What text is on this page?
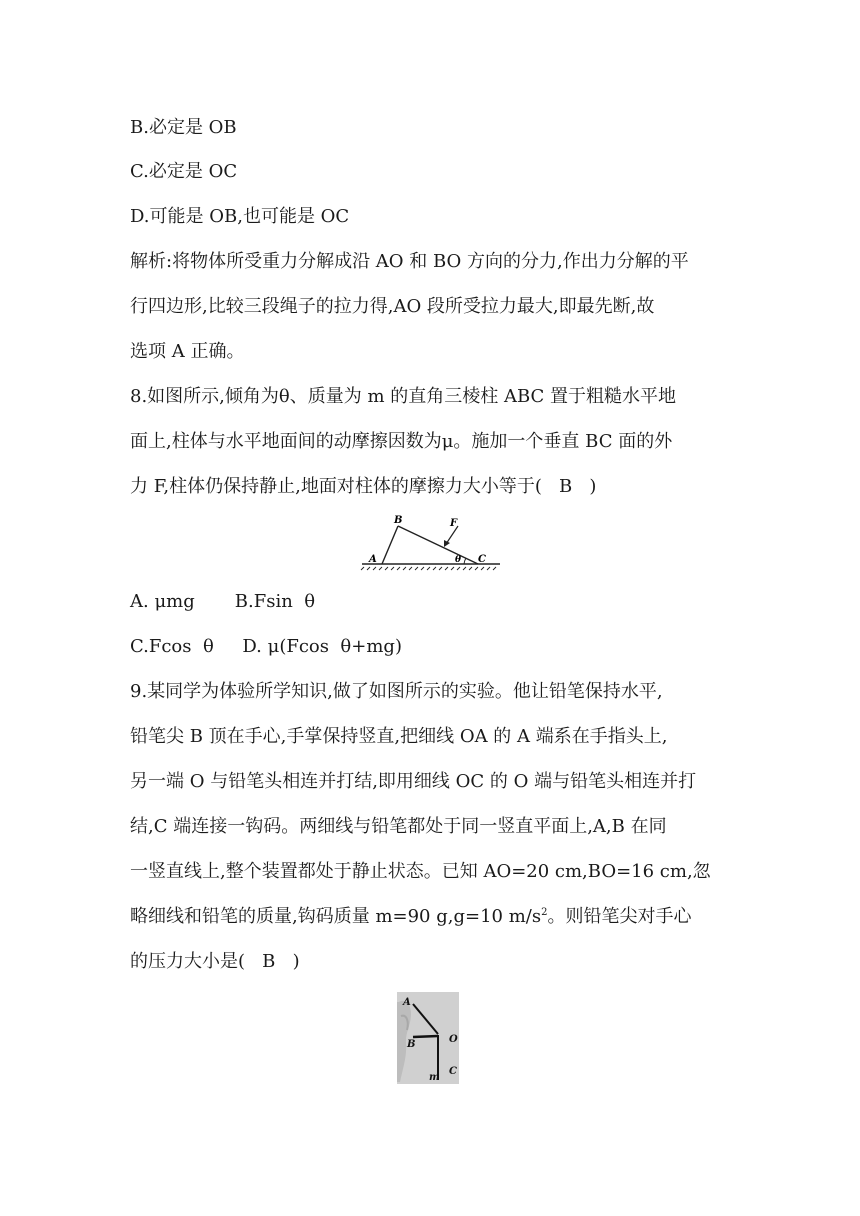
B.必定是 OB
C.必定是 OC
D.可能是 OB,也可能是 OC
解析:将物体所受重力分解成沿 AO 和 BO 方向的分力,作出力分解的平
行四边形,比较三段绳子的拉力得,AO 段所受拉力最大,即最先断,故
选项 A 正确。
8.如图所示,倾角为θ、质量为 m 的直角三棱柱 ABC 置于粗糙水平地
面上,柱体与水平地面间的动摩擦因数为μ。施加一个垂直 BC 面的外
力 F,柱体仍保持静止,地面对柱体的摩擦力大小等于(   B   )
B
A	C
F
θ
A. μmg       B.Fsin  θ
C.Fcos  θ     D. μ(Fcos  θ+mg)
9.某同学为体验所学知识,做了如图所示的实验。他让铅笔保持水平,
铅笔尖 B 顶在手心,手掌保持竖直,把细线 OA 的 A 端系在手指头上,
另一端 O 与铅笔头相连并打结,即用细线 OC 的 O 端与铅笔头相连并打
结,C 端连接一钩码。两细线与铅笔都处于同一竖直平面上,A,B 在同
一竖直线上,整个装置都处于静止状态。已知 AO=20 cm,BO=16 cm,忽
略细线和铅笔的质量,钩码质量 m=90 g,g=10 $m/s^2$。则铅笔尖对手心
的压力大小是(   B   )
A
B	O
m
C
